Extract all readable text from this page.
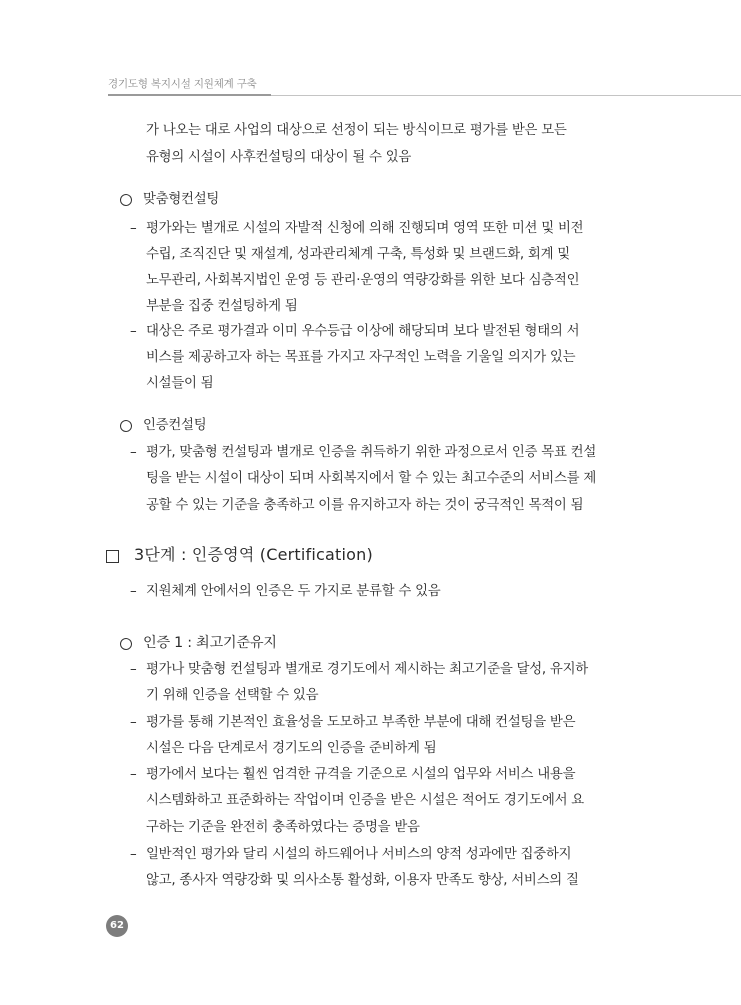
경기도형 복지시설 지원체계 구축
가 나오는 대로 사업의 대상으로 선정이 되는 방식이므로 평가를 받은 모든
유형의 시설이 사후컨설팅의 대상이 될 수 있음
맞춤형컨설팅
– 평가와는 별개로 시설의 자발적 신청에 의해 진행되며 영역 또한 미션 및 비전
수립, 조직진단 및 재설계, 성과관리체계 구축, 특성화 및 브랜드화, 회계 및
노무관리, 사회복지법인 운영 등 관리·운영의 역량강화를 위한 보다 심층적인
부분을 집중 컨설팅하게 됨
– 대상은 주로 평가결과 이미 우수등급 이상에 해당되며 보다 발전된 형태의 서
비스를 제공하고자 하는 목표를 가지고 자구적인 노력을 기울일 의지가 있는
시설들이 됨
인증컨설팅
– 평가, 맞춤형 컨설팅과 별개로 인증을 취득하기 위한 과정으로서 인증 목표 컨설
팅을 받는 시설이 대상이 되며 사회복지에서 할 수 있는 최고수준의 서비스를 제
공할 수 있는 기준을 충족하고 이를 유지하고자 하는 것이 궁극적인 목적이 됨
3단계 : 인증영역 (Certification)
– 지원체계 안에서의 인증은 두 가지로 분류할 수 있음
인증 1 : 최고기준유지
– 평가나 맞춤형 컨설팅과 별개로 경기도에서 제시하는 최고기준을 달성, 유지하
기 위해 인증을 선택할 수 있음
– 평가를 통해 기본적인 효율성을 도모하고 부족한 부분에 대해 컨설팅을 받은
시설은 다음 단계로서 경기도의 인증을 준비하게 됨
– 평가에서 보다는 훨씬 엄격한 규격을 기준으로 시설의 업무와 서비스 내용을
시스템화하고 표준화하는 작업이며 인증을 받은 시설은 적어도 경기도에서 요
구하는 기준을 완전히 충족하였다는 증명을 받음
– 일반적인 평가와 달리 시설의 하드웨어나 서비스의 양적 성과에만 집중하지
않고, 종사자 역량강화 및 의사소통 활성화, 이용자 만족도 향상, 서비스의 질
62
